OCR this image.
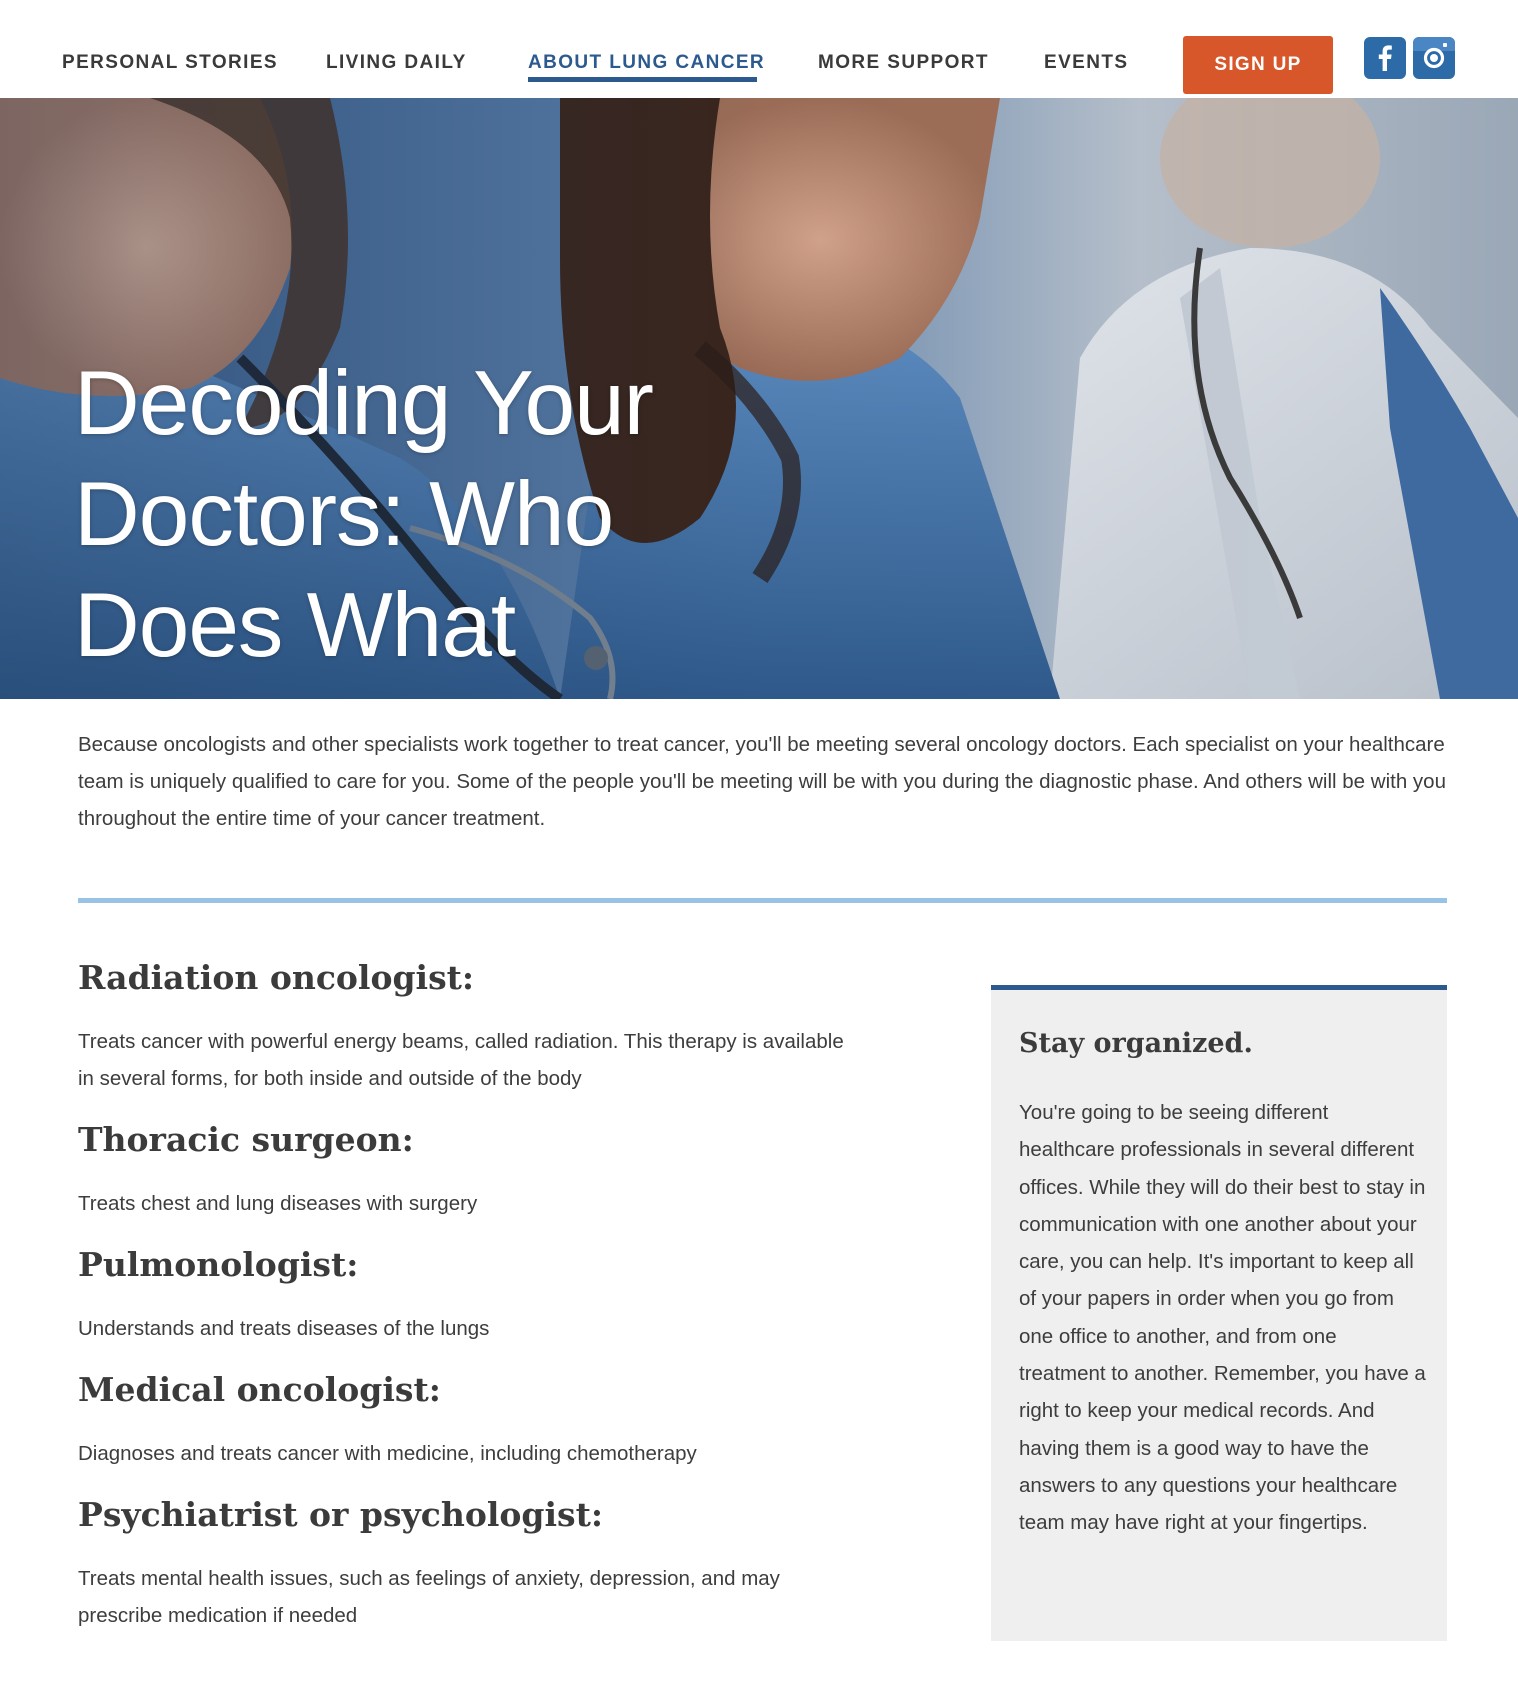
PERSONAL STORIES	LIVING DAILY	ABOUT LUNG CANCER	MORE SUPPORT	EVENTS	SIGN UP
Decoding Your
Doctors: Who
Does What

Because oncologists and other specialists work together to treat cancer, you'll be meeting several oncology doctors. Each specialist on your healthcare team is uniquely qualified to care for you. Some of the people you'll be meeting will be with you during the diagnostic phase. And others will be with you throughout the entire time of your cancer treatment.

Radiation oncologist:

Treats cancer with powerful energy beams, called radiation. This therapy is available in several forms, for both inside and outside of the body

Thoracic surgeon:

Treats chest and lung diseases with surgery

Pulmonologist:

Understands and treats diseases of the lungs

Medical oncologist:

Diagnoses and treats cancer with medicine, including chemotherapy

Psychiatrist or psychologist:

Treats mental health issues, such as feelings of anxiety, depression, and may prescribe medication if needed

Stay organized.

You're going to be seeing different healthcare professionals in several different offices. While they will do their best to stay in communication with one another about your care, you can help. It's important to keep all of your papers in order when you go from one office to another, and from one treatment to another. Remember, you have a right to keep your medical records. And having them is a good way to have the answers to any questions your healthcare team may have right at your fingertips.
